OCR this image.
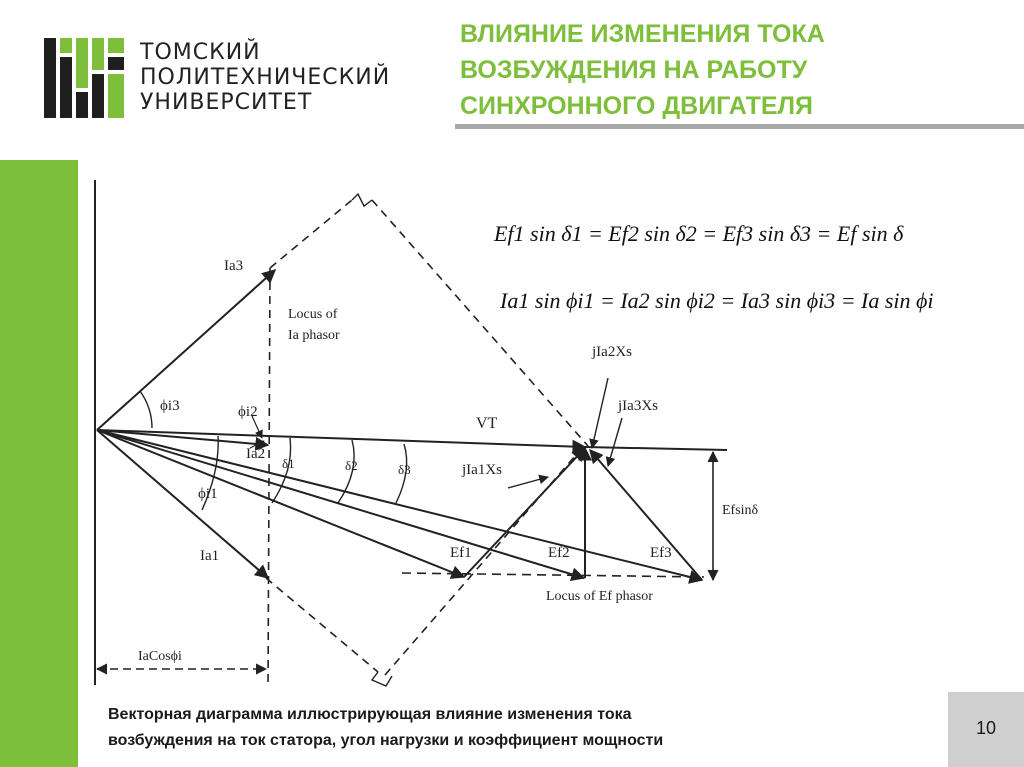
ТОМСКИЙ
ПОЛИТЕХНИЧЕСКИЙ
УНИВЕРСИТЕТ
ВЛИЯНИЕ ИЗМЕНЕНИЯ ТОКА
ВОЗБУЖДЕНИЯ НА РАБОТУ
СИНХРОННОГО ДВИГАТЕЛЯ
Ia3
Locus of
Ia phasor
ϕi3	ϕi2
Ia2
δ1	δ2	δ3
ϕi1
Ia1
VT
jIa2Xs
jIa3Xs
jIa1Xs
Efsinδ
Ef1	Ef2	Ef3
Locus of Ef phasor
IaCosϕi
Ef1 sin δ1 = Ef2 sin δ2 = Ef3 sin δ3 = Ef sin δ
Ia1 sin ϕi1 = Ia2 sin ϕi2 = Ia3 sin ϕi3 = Ia sin ϕi
Векторная диаграмма иллюстрирующая влияние изменения тока
возбуждения на ток статора, угол нагрузки и коэффициент мощности
10
